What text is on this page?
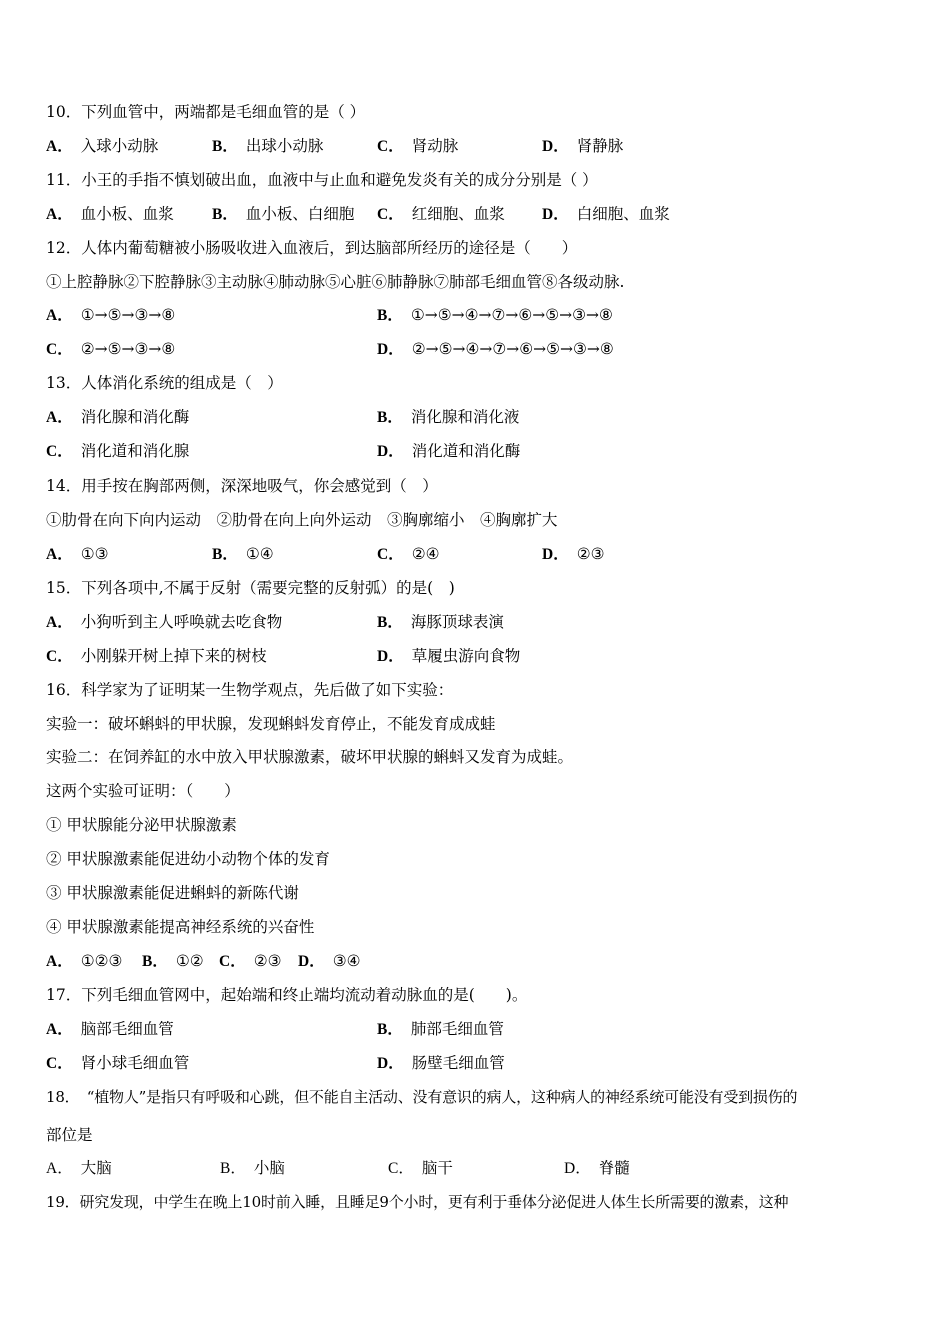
10．下列血管中，两端都是毛细血管的是（ ）
A． 入球小动脉	B． 出球小动脉	C． 肾动脉	D． 肾静脉
11．小王的手指不慎划破出血，血液中与止血和避免发炎有关的成分分别是（ ）
A． 血小板、血浆 B． 血小板、白细胞 C． 红细胞、血浆 D． 白细胞、血浆
12．人体内葡萄糖被小肠吸收进入血液后，到达脑部所经历的途径是（　　）
①上腔静脉②下腔静脉③主动脉④肺动脉⑤心脏⑥肺静脉⑦肺部毛细血管⑧各级动脉.
A． ①→⑤→③→⑧	B． ①→⑤→④→⑦→⑥→⑤→③→⑧
C． ②→⑤→③→⑧	D． ②→⑤→④→⑦→⑥→⑤→③→⑧
13．人体消化系统的组成是（　）
A． 消化腺和消化酶	B． 消化腺和消化液
C． 消化道和消化腺	D． 消化道和消化酶
14．用手按在胸部两侧，深深地吸气，你会感觉到（　）
①肋骨在向下向内运动　②肋骨在向上向外运动　③胸廓缩小　④胸廓扩大
A． ①③	B． ①④	C． ②④	D． ②③
15．下列各项中,不属于反射（需要完整的反射弧）的是(　)
A． 小狗听到主人呼唤就去吃食物	B． 海豚顶球表演
C． 小刚躲开树上掉下来的树枝	D． 草履虫游向食物
16．科学家为了证明某一生物学观点，先后做了如下实验：
实验一：破坏蝌蚪的甲状腺，发现蝌蚪发育停止，不能发育成成蛙
实验二：在饲养缸的水中放入甲状腺激素，破坏甲状腺的蝌蚪又发育为成蛙。
这两个实验可证明：（　　）
① 甲状腺能分泌甲状腺激素
② 甲状腺激素能促进幼小动物个体的发育
③ 甲状腺激素能促进蝌蚪的新陈代谢
④ 甲状腺激素能提高神经系统的兴奋性
A． ①②③ B． ①② C． ②③ D． ③④
17．下列毛细血管网中，起始端和终止端均流动着动脉血的是(　　)。
A． 脑部毛细血管	B． 肺部毛细血管
C． 肾小球毛细血管	D． 肠壁毛细血管
18．　“植物人”是指只有呼吸和心跳，但不能自主活动、没有意识的病人，这种病人的神经系统可能没有受到损伤的
部位是
A． 大脑	B． 小脑	C． 脑干	D． 脊髓
19．研究发现，中学生在晚上10时前入睡，且睡足9个小时，更有利于垂体分泌促进人体生长所需要的激素，这种
